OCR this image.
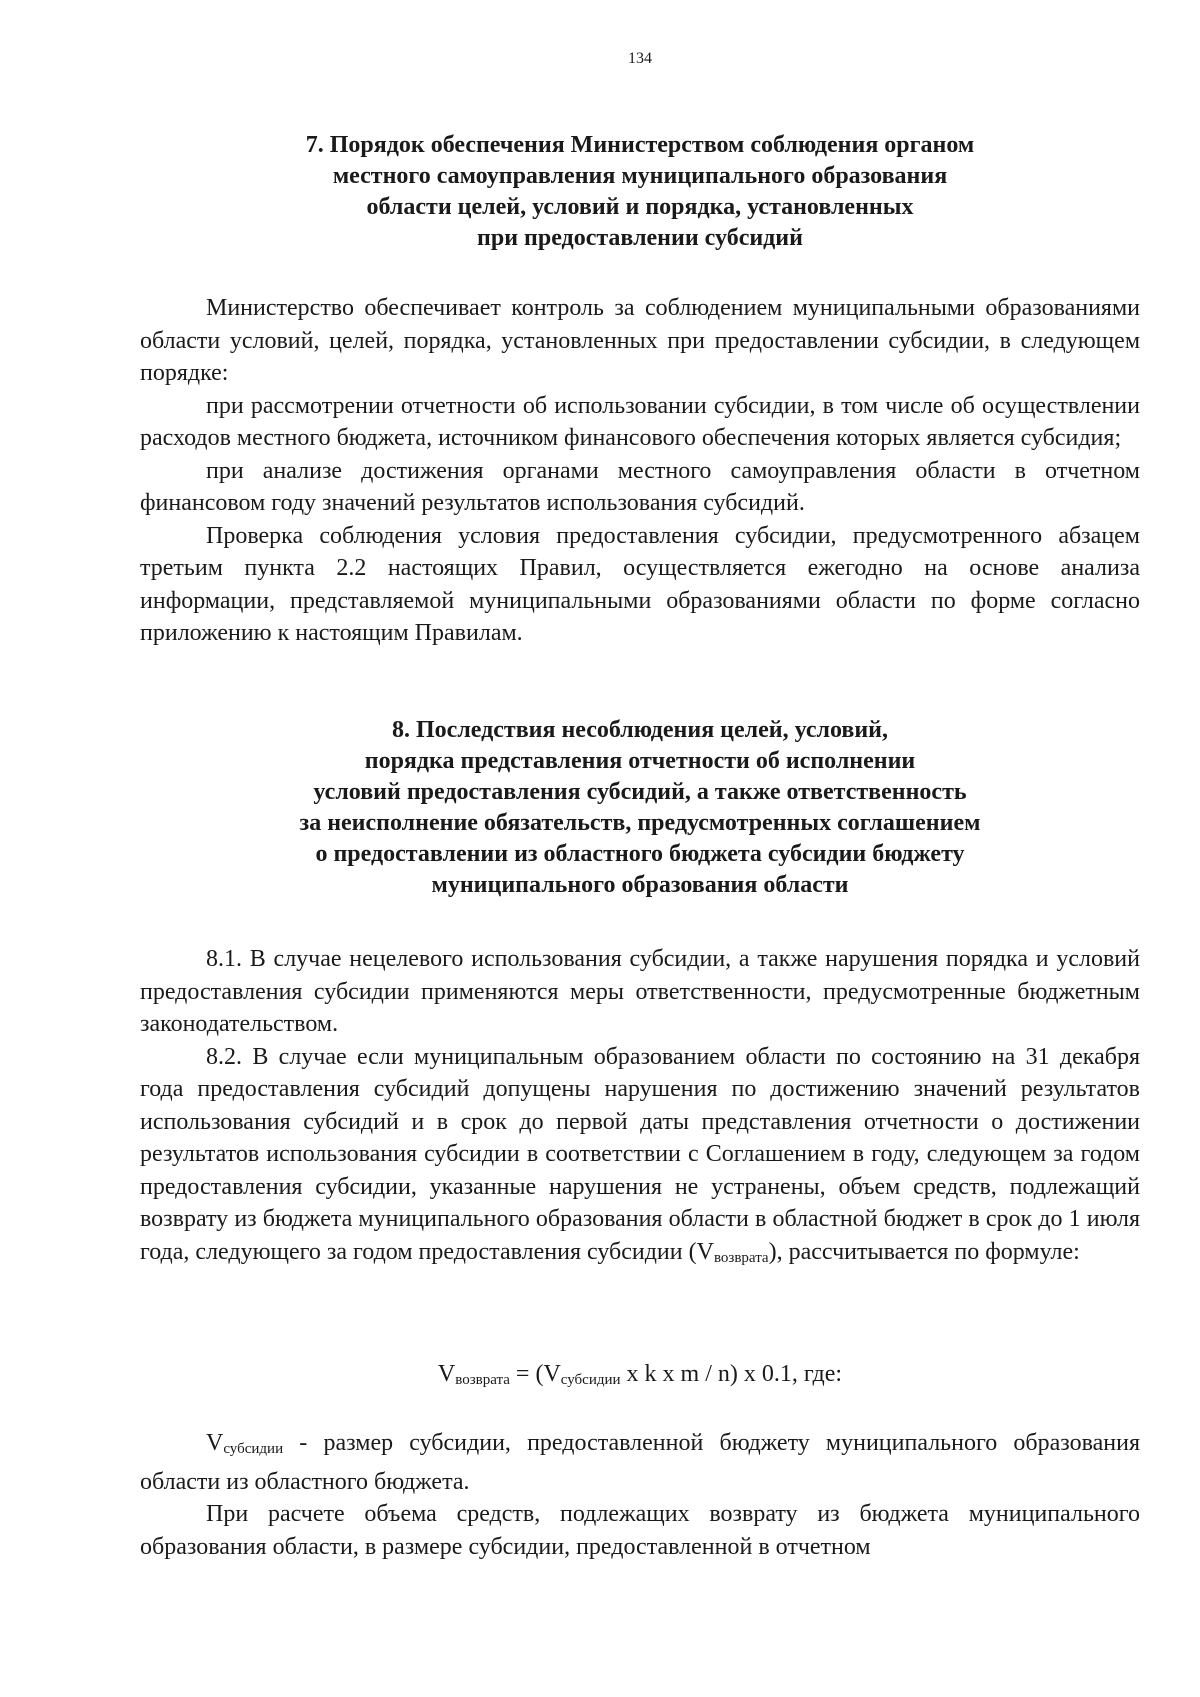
134
7. Порядок обеспечения Министерством соблюдения органом
местного самоуправления муниципального образования
области целей, условий и порядка, установленных
при предоставлении субсидий

Министерство обеспечивает контроль за соблюдением муниципальными образованиями области условий, целей, порядка, установленных при предоставлении субсидии, в следующем порядке:

при рассмотрении отчетности об использовании субсидии, в том числе об осуществлении расходов местного бюджета, источником финансового обеспечения которых является субсидия;

при анализе достижения органами местного самоуправления области в отчетном финансовом году значений результатов использования субсидий.

Проверка соблюдения условия предоставления субсидии, предусмотренного абзацем третьим пункта 2.2 настоящих Правил, осуществляется ежегодно на основе анализа информации, представляемой муниципальными образованиями области по форме согласно приложению к настоящим Правилам.

8. Последствия несоблюдения целей, условий,
порядка представления отчетности об исполнении
условий предоставления субсидий, а также ответственность
за неисполнение обязательств, предусмотренных соглашением
о предоставлении из областного бюджета субсидии бюджету
муниципального образования области

8.1. В случае нецелевого использования субсидии, а также нарушения порядка и условий предоставления субсидии применяются меры ответственности, предусмотренные бюджетным законодательством.

8.2. В случае если муниципальным образованием области по состоянию на 31 декабря года предоставления субсидий допущены нарушения по достижению значений результатов использования субсидий и в срок до первой даты представления отчетности о достижении результатов использования субсидии в соответствии с Соглашением в году, следующем за годом предоставления субсидии, указанные нарушения не устранены, объем средств, подлежащий возврату из бюджета муниципального образования области в областной бюджет в срок до 1 июля года, следующего за годом предоставления субсидии $(V_{возврата})$, рассчитывается по формуле:

$V_{возврата} = (V_{субсидии}$ x k x m / n) x 0.1, где:

$V_{субсидии}$ - размер субсидии, предоставленной бюджету муниципального образования области из областного бюджета.

При расчете объема средств, подлежащих возврату из бюджета муниципального образования области, в размере субсидии, предоставленной в отчетном
